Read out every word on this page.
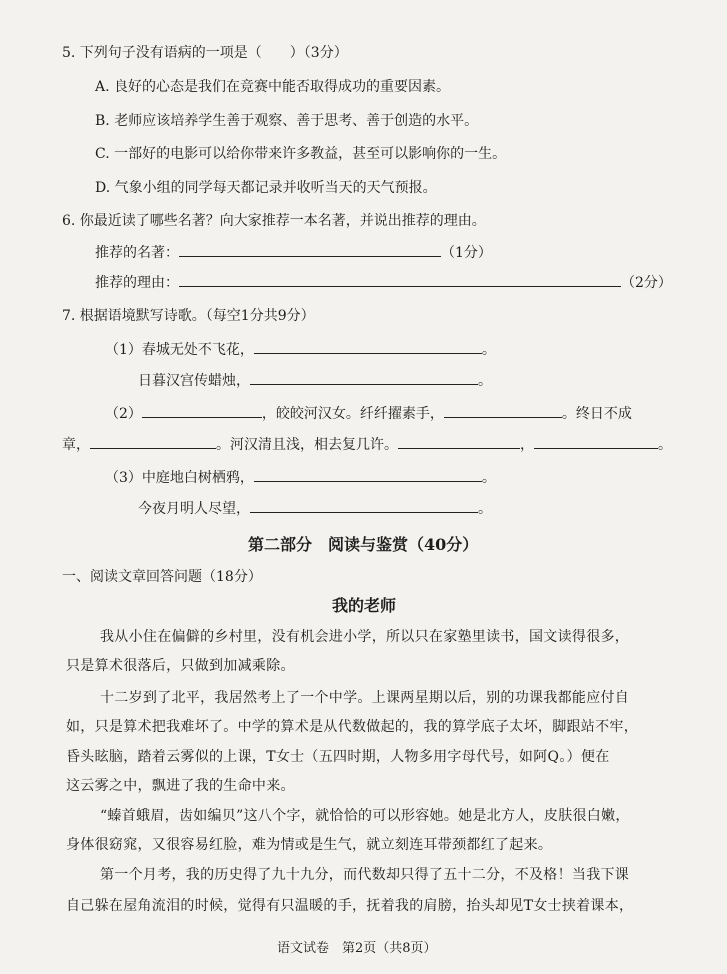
5. 下列句子没有语病的一项是（　　）（3分）
A. 良好的心态是我们在竞赛中能否取得成功的重要因素。
B. 老师应该培养学生善于观察、善于思考、善于创造的水平。
C. 一部好的电影可以给你带来许多教益，甚至可以影响你的一生。
D. 气象小组的同学每天都记录并收听当天的天气预报。
6. 你最近读了哪些名著？向大家推荐一本名著，并说出推荐的理由。
推荐的名著：	（1分）
推荐的理由：	（2分）
7. 根据语境默写诗歌。（每空1分共9分）
（1）春城无处不飞花，	。
日暮汉宫传蜡烛，	。
（2）	，皎皎河汉女。纤纤擢素手，	。终日不成
章，	。河汉清且浅，相去复几许。	，	。
（3）中庭地白树栖鸦，	。
今夜月明人尽望，	。
第二部分　阅读与鉴赏（40分）
一、阅读文章回答问题（18分）
我的老师
我从小住在偏僻的乡村里，没有机会进小学，所以只在家塾里读书，国文读得很多，
只是算术很落后，只做到加减乘除。
十二岁到了北平，我居然考上了一个中学。上课两星期以后，别的功课我都能应付自
如，只是算术把我难坏了。中学的算术是从代数做起的，我的算学底子太坏，脚跟站不牢，
昏头眩脑，踏着云雾似的上课，T女士（五四时期，人物多用字母代号，如阿Q。）便在
这云雾之中，飘进了我的生命中来。
“螓首蛾眉，齿如编贝”这八个字，就恰恰的可以形容她。她是北方人，皮肤很白嫩，
身体很窈窕，又很容易红脸，难为情或是生气，就立刻连耳带颈都红了起来。
第一个月考，我的历史得了九十九分，而代数却只得了五十二分，不及格！当我下课
自己躲在屋角流泪的时候，觉得有只温暖的手，抚着我的肩膀，抬头却见T女士挟着课本，
语文试卷　第2页（共8页）
